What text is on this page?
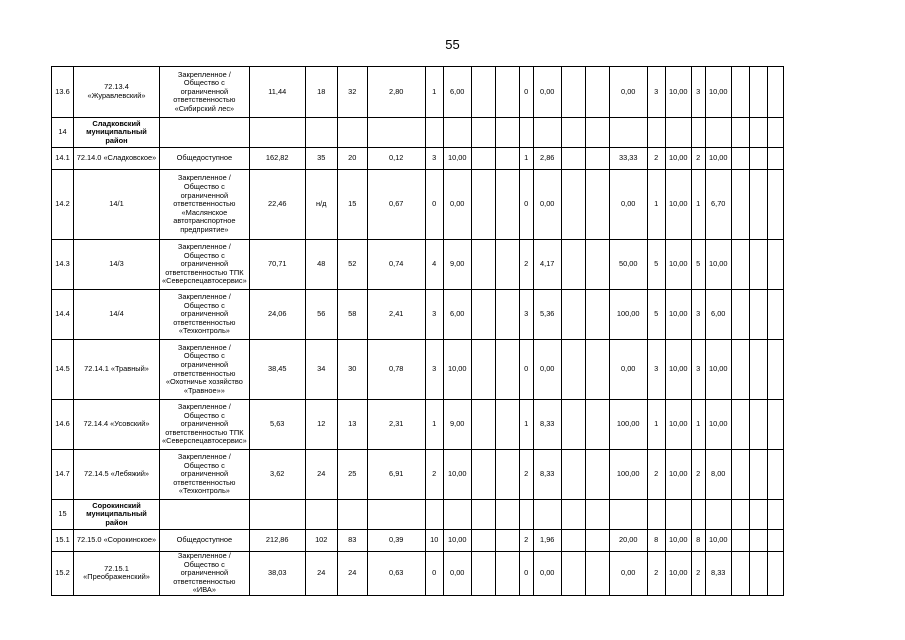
55
13.6	72.13.4 «Журавлевский»	Закрепленное / Общество с ограниченной ответственностью «Сибирский лес»	11,44	18	32	2,80	1	6,00			0	0,00			0,00	3	10,00	3	10,00			
14	Сладковский муниципальный район																					
14.1	72.14.0 «Сладковское»	Общедоступное	162,82	35	20	0,12	3	10,00			1	2,86			33,33	2	10,00	2	10,00			
14.2	14/1	Закрепленное / Общество с ограниченной ответственностью «Маслянское автотранспортное предприятие»	22,46	н/д	15	0,67	0	0,00			0	0,00			0,00	1	10,00	1	6,70			
14.3	14/3	Закрепленное / Общество с ограниченной ответственностью ТПК «Северспецавтосервис»	70,71	48	52	0,74	4	9,00			2	4,17			50,00	5	10,00	5	10,00			
14.4	14/4	Закрепленное / Общество с ограниченной ответственностью «Техконтроль»	24,06	56	58	2,41	3	6,00			3	5,36			100,00	5	10,00	3	6,00			
14.5	72.14.1 «Травный»	Закрепленное / Общество с ограниченной ответственностью «Охотничье хозяйство «Травное»»	38,45	34	30	0,78	3	10,00			0	0,00			0,00	3	10,00	3	10,00			
14.6	72.14.4 «Усовский»	Закрепленное / Общество с ограниченной ответственностью ТПК «Северспецавтосервис»	5,63	12	13	2,31	1	9,00			1	8,33			100,00	1	10,00	1	10,00			
14.7	72.14.5 «Лебяжий»	Закрепленное / Общество с ограниченной ответственностью «Техконтроль»	3,62	24	25	6,91	2	10,00			2	8,33			100,00	2	10,00	2	8,00			
15	Сорокинский муниципальный район																					
15.1	72.15.0 «Сорокинское»	Общедоступное	212,86	102	83	0,39	10	10,00			2	1,96			20,00	8	10,00	8	10,00			
15.2	72.15.1 «Преображенский»	Закрепленное / Общество с ограниченной ответственностью «ИВА»	38,03	24	24	0,63	0	0,00			0	0,00			0,00	2	10,00	2	8,33			
